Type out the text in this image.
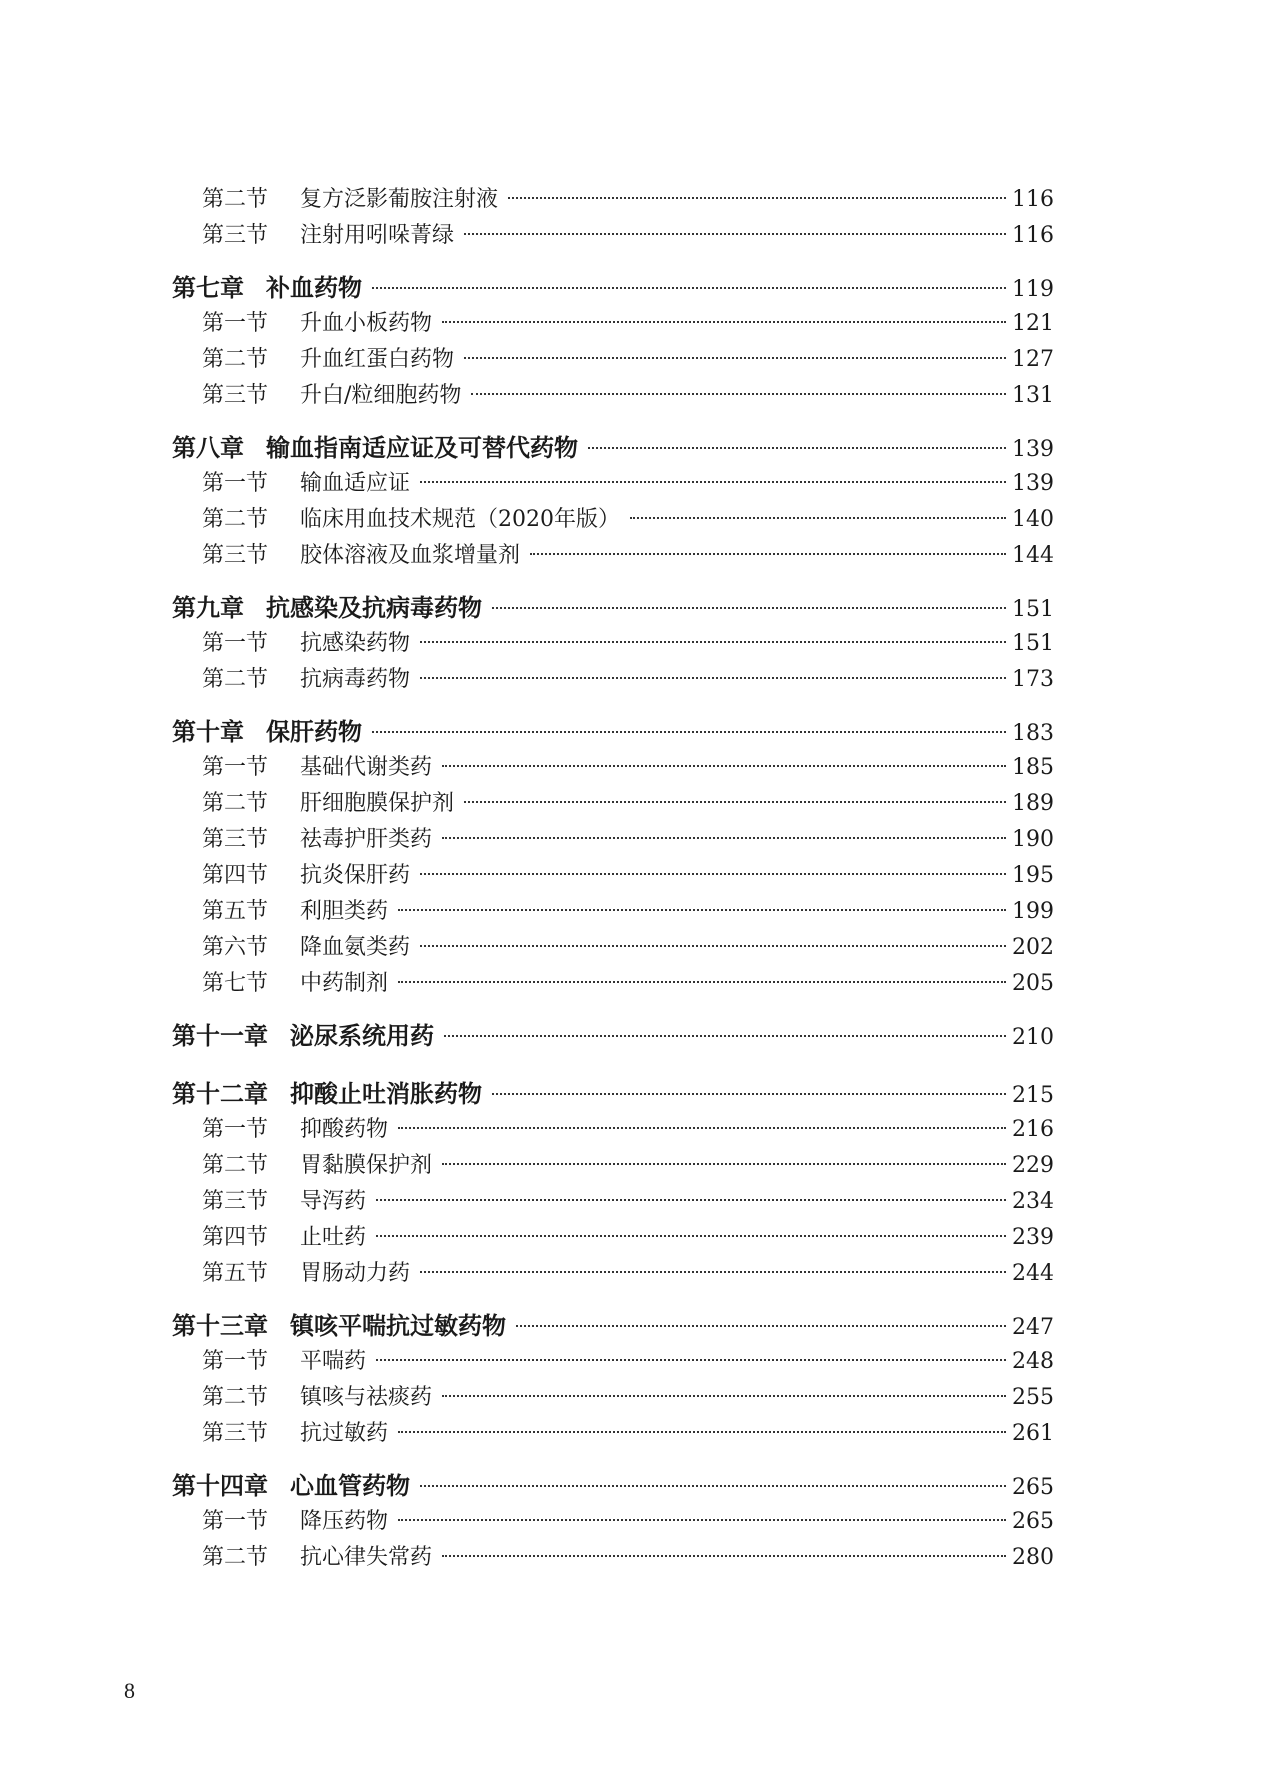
第二节	复方泛影葡胺注射液	116
第三节	注射用吲哚菁绿	116
第七章 补血药物	119
第一节	升血小板药物	121
第二节	升血红蛋白药物	127
第三节	升白/粒细胞药物	131
第八章 输血指南适应证及可替代药物	139
第一节	输血适应证	139
第二节	临床用血技术规范（2020年版）	140
第三节	胶体溶液及血浆增量剂	144
第九章 抗感染及抗病毒药物	151
第一节	抗感染药物	151
第二节	抗病毒药物	173
第十章 保肝药物	183
第一节	基础代谢类药	185
第二节	肝细胞膜保护剂	189
第三节	祛毒护肝类药	190
第四节	抗炎保肝药	195
第五节	利胆类药	199
第六节	降血氨类药	202
第七节	中药制剂	205
第十一章 泌尿系统用药	210
第十二章 抑酸止吐消胀药物	215
第一节	抑酸药物	216
第二节	胃黏膜保护剂	229
第三节	导泻药	234
第四节	止吐药	239
第五节	胃肠动力药	244
第十三章 镇咳平喘抗过敏药物	247
第一节	平喘药	248
第二节	镇咳与祛痰药	255
第三节	抗过敏药	261
第十四章 心血管药物	265
第一节	降压药物	265
第二节	抗心律失常药	280
8
